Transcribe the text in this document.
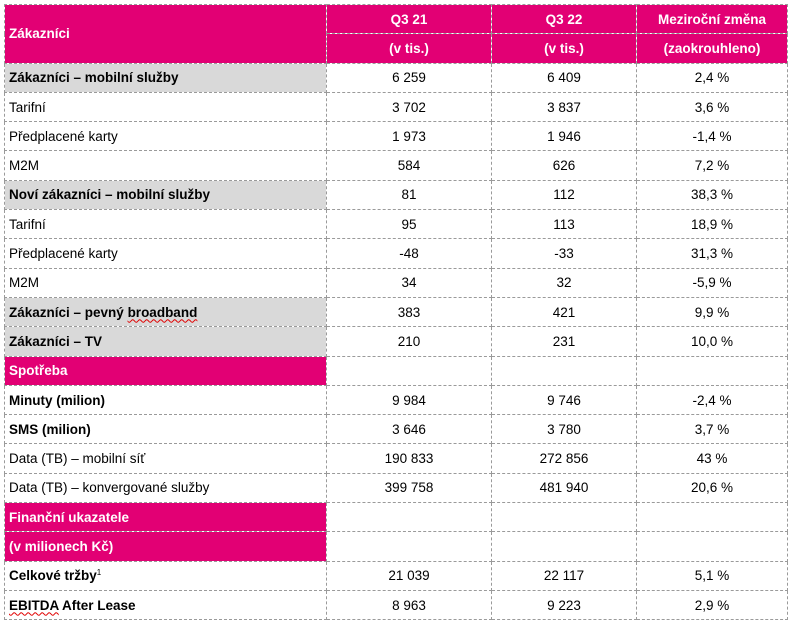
Zákazníci	Q3 21	Q3 22	Meziroční změna
	(v tis.)	(v tis.)	(zaokrouhleno)
Zákazníci – mobilní služby	6 259	6 409	2,4 %
Tarifní	3 702	3 837	3,6 %
Předplacené karty	1 973	1 946	-1,4 %
M2M	584	626	7,2 %
Noví zákazníci – mobilní služby	81	112	38,3 %
Tarifní	95	113	18,9 %
Předplacené karty	-48	-33	31,3 %
M2M	34	32	-5,9 %
Zákazníci – pevný broadband	383	421	9,9 %
Zákazníci – TV	210	231	10,0 %
Spotřeba			
Minuty (milion)	9 984	9 746	-2,4 %
SMS (milion)	3 646	3 780	3,7 %
Data (TB) – mobilní síť	190 833	272 856	43 %
Data (TB) – konvergované služby	399 758	481 940	20,6 %
Finanční ukazatele			
(v milionech Kč)			
Celkové tržby$^1$	21 039	22 117	5,1 %
EBITDA After Lease	8 963	9 223	2,9 %
